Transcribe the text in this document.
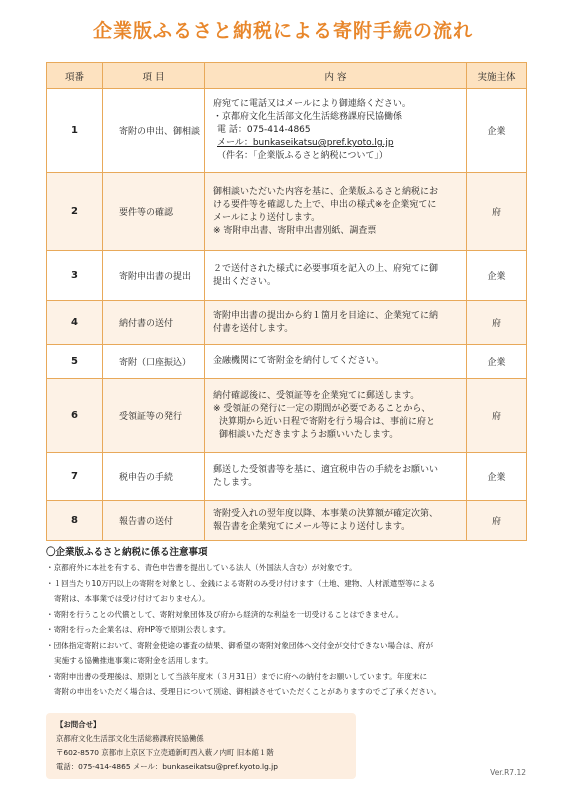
企業版ふるさと納税による寄附手続の流れ
項番	項 目	内 容	実施主体
1	寄附の申出、御相談	府宛てに電話又はメールにより御連絡ください。
・京都府文化生活部文化生活総務課府民協働係
電 話：075-414-4865
メール：bunkaseikatsu@pref.kyoto.lg.jp
（件名：「企業版ふるさと納税について」）	企業
2	要件等の確認	御相談いただいた内容を基に、企業版ふるさと納税にお
ける要件等を確認した上で、申出の様式※を企業宛てに
メールにより送付します。
※ 寄附申出書、寄附申出書別紙、調査票	府
3	寄附申出書の提出	２で送付された様式に必要事項を記入の上、府宛てに御
提出ください。	企業
4	納付書の送付	寄附申出書の提出から約１箇月を目途に、企業宛てに納
付書を送付します。	府
5	寄附（口座振込）	金融機関にて寄附金を納付してください。	企業
6	受領証等の発行	納付確認後に、受領証等を企業宛てに郵送します。
※ 受領証の発行に一定の期間が必要であることから、
決算期から近い日程で寄附を行う場合は、事前に府と
御相談いただきますようお願いいたします。	府
7	税申告の手続	郵送した受領書等を基に、適宜税申告の手続をお願いい
たします。	企業
8	報告書の送付	寄附受入れの翌年度以降、本事業の決算額が確定次第、
報告書を企業宛てにメール等により送付します。	府
〇企業版ふるさと納税に係る注意事項
・京都府外に本社を有する、青色申告書を提出している法人（外国法人含む）が対象です。
・１回当たり10万円以上の寄附を対象とし、金銭による寄附のみ受け付けます（土地、建物、人材派遣型等による
寄附は、本事業では受け付けておりません）。
・寄附を行うことの代償として、寄附対象団体及び府から経済的な利益を一切受けることはできません。
・寄附を行った企業名は、府HP等で原則公表します。
・団体指定寄附において、寄附金使途の審査の結果、御希望の寄附対象団体へ交付金が交付できない場合は、府が
実施する協働推進事業に寄附金を活用します。
・寄附申出書の受理後は、原則として当該年度末（３月31日）までに府への納付をお願いしています。年度末に
寄附の申出をいただく場合は、受理日について別途、御相談させていただくことがありますのでご了承ください。
【お問合せ】
京都府文化生活部文化生活総務課府民協働係
〒602-8570 京都市上京区下立売通新町西入薮ノ内町 旧本館１階
電話：075-414-4865 メール：bunkaseikatsu@pref.kyoto.lg.jp
Ver.R7.12
